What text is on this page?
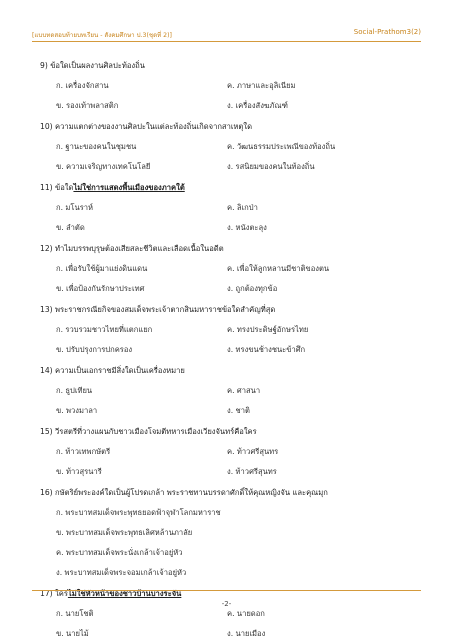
[แบบทดสอบท้ายบทเรียน - สังคมศึกษา ป.3(ชุดที่ 2)]	Social-Prathom3(2)
9) ข้อใดเป็นผลงานศิลปะท้องถิ่น
ก. เครื่องจักสาน	ค. ภาษาและอุลิเนียม
ข. รองเท้าพลาสติก	ง. เครื่องสังฆภัณฑ์
10) ความแตกต่างของงานศิลปะในแต่ละท้องถิ่นเกิดจากสาเหตุใด
ก. ฐานะของคนในชุมชน	ค. วัฒนธรรมประเพณีของท้องถิ่น
ข. ความเจริญทางเทคโนโลยี	ง. รสนิยมของคนในท้องถิ่น
11) ข้อใดไม่ใช่การแสดงพื้นเมืองของภาคใต้
ก. มโนราห์	ค. ลิเกป่า
ข. ลำตัด	ง. หนังตะลุง
12) ทำไมบรรพบุรุษต้องเสียสละชีวิตและเลือดเนื้อในอดีต
ก. เพื่อรับใช้ผู้มาแย่งดินแดน	ค. เพื่อให้ลูกหลานมีชาติของตน
ข. เพื่อป้องกันรักษาประเทศ	ง. ถูกต้องทุกข้อ
13) พระราชกรณียกิจของสมเด็จพระเจ้าตากสินมหาราชข้อใดสำคัญที่สุด
ก. รวบรวมชาวไทยที่แตกแยก	ค. ทรงประดิษฐ์อักษรไทย
ข. ปรับปรุงการปกครอง	ง. ทรงขนช้างชนะข้าศึก
14) ความเป็นเอกราชมีสิ่งใดเป็นเครื่องหมาย
ก. ธูปเทียน	ค. ศาสนา
ข. พวงมาลา	ง. ชาติ
15) วีรสตรีที่วางแผนกับชาวเมืองโจมตีทหารเมืองเวียงจันทร์คือใคร
ก. ท้าวเทพกษัตรี	ค. ท้าวศรีสุนทร
ข. ท้าวสุรนารี	ง. ท้าวศรีสุนทร
16) กษัตริย์พระองค์ใดเป็นผู้โปรดเกล้า พระราชทานบรรดาศักดิ์ให้คุณหญิงจัน และคุณมุก
ก. พระบาทสมเด็จพระพุทธยอดฟ้าจุฬาโลกมหาราช
ข. พระบาทสมเด็จพระพุทธเลิศหล้านภาลัย
ค. พระบาทสมเด็จพระนั่งเกล้าเจ้าอยู่หัว
ง. พระบาทสมเด็จพระจอมเกล้าเจ้าอยู่หัว
17) ใครไม่ใช่หัวหน้าของชาวบ้านบางระจัน
ก. นายโชติ	ค. นายดอก
ข. นายไม้	ง. นายเมือง
-2-
